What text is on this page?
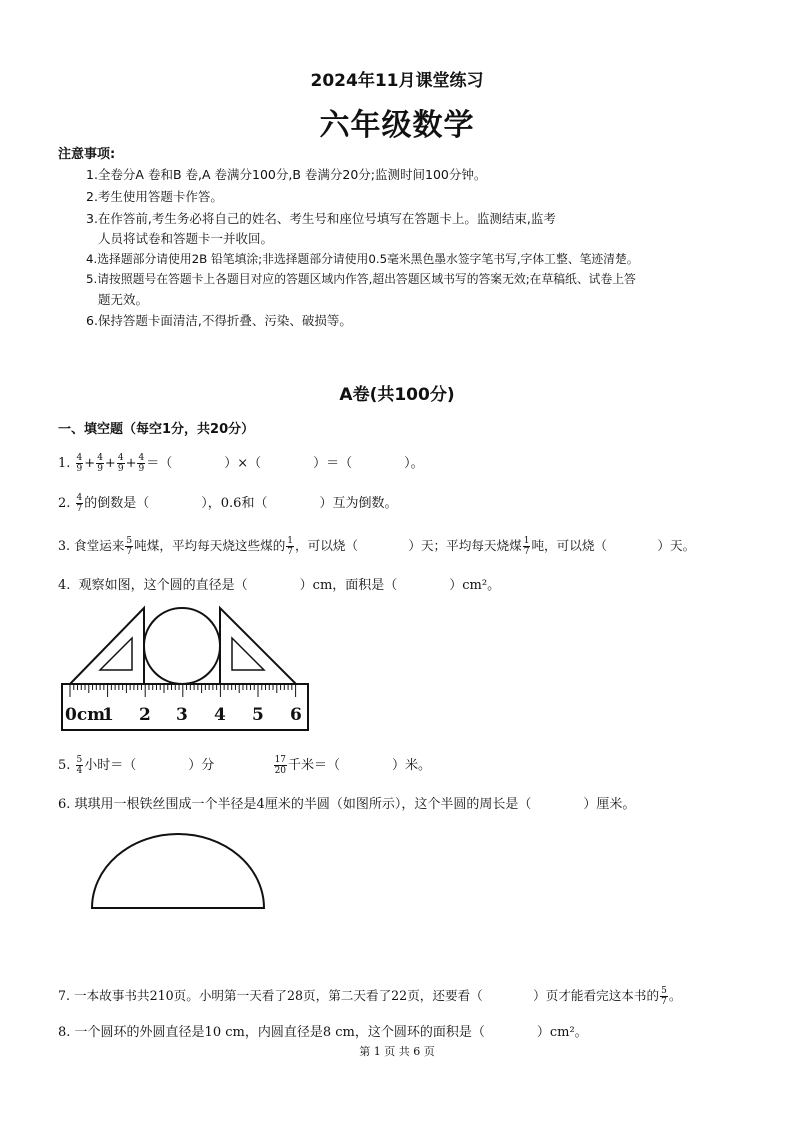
2024年11月课堂练习
六年级数学
注意事项:
1.全卷分A 卷和B 卷,A 卷满分100分,B 卷满分20分;监测时间100分钟。
2.考生使用答题卡作答。
3.在作答前,考生务必将自己的姓名、考生号和座位号填写在答题卡上。监测结束,监考
人员将试卷和答题卡一并收回。
4.选择题部分请使用2B 铅笔填涂;非选择题部分请使用0.5毫米黑色墨水签字笔书写,字体工整、笔迹清楚。
5.请按照题号在答题卡上各题目对应的答题区域内作答,超出答题区域书写的答案无效;在草稿纸、试卷上答
题无效。
6.保持答题卡面清洁,不得折叠、污染、破损等。
A卷(共100分)
一、填空题（每空1分，共20分）
1. $\frac{4}{9} + \frac{4}{9} + \frac{4}{9} + \frac{4}{9}$ ＝（　　　　）×（　　　　）＝（　　　　）。
2. $\frac{4}{7}$ 的倒数是（　　　　），0.6和（　　　　）互为倒数。
3. 食堂运来 $\frac{5}{7}$ 吨煤，平均每天烧这些煤的 $\frac{1}{7}$ ，可以烧（　　　　）天；平均每天烧煤 $\frac{1}{7}$ 吨，可以烧（　　　　）天。
4. 观察如图，这个圆的直径是（　　　　）cm，面积是（　　　　）cm²。
0cm
1 2 3 4 5 6
5. $\frac{5}{4}$ 小时＝（　　　　）分	$\frac{17}{20}$ 千米＝（　　　　）米。
6. 琪琪用一根铁丝围成一个半径是4厘米的半圆（如图所示），这个半圆的周长是（　　　　）厘米。
7. 一本故事书共210页。小明第一天看了28页，第二天看了22页，还要看（　　　　）页才能看完这本书的 $\frac{5}{7}$ 。
8. 一个圆环的外圆直径是10 cm，内圆直径是8 cm，这个圆环的面积是（　　　　）cm²。
第 1 页 共 6 页
